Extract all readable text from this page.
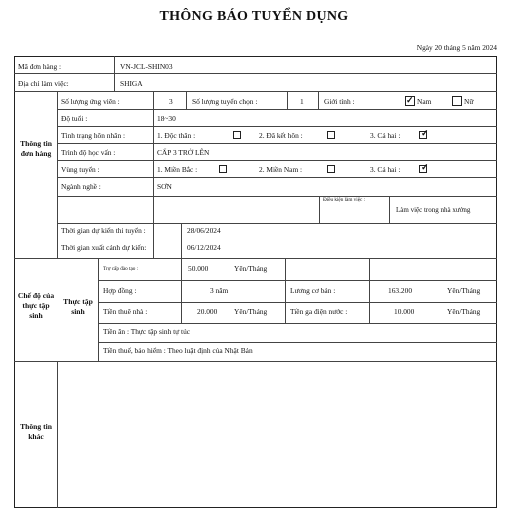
THÔNG BÁO TUYỂN DỤNG
Ngày 20 tháng 5 năm 2024
Mã đơn hàng :	VN-JCL-SHIN03
Địa chỉ làm việc:	SHIGA
Thông tin đơn hàng
Số lượng ứng viên :	3	Số lượng tuyển chọn :	1	Giới tính :	✓ Nam	Nữ
Độ tuổi :	18~30
Tình trạng hôn nhân :	1. Độc thân :	2. Đã kết hôn :	3. Cả hai : ✓
Trình độ học vấn :	CẤP 3 TRỞ LÊN
Vùng tuyển :	1. Miền Bắc :	2. Miền Nam :	3. Cả hai : ✓
Ngành nghề :	SƠN
Điều kiện làm việc :
Làm việc trong nhà xưởng
Thời gian dự kiến thi tuyển :	28/06/2024
Thời gian xuất cảnh dự kiến:	06/12/2024
Chế độ của thực tập sinh
Thực tập sinh
Trợ cấp đào tạo :	50.000	Yên/Tháng
Hợp đồng :	3 năm	Lương cơ bản :	163.200	Yên/Tháng
Tiền thuê nhà :	20.000 Yên/Tháng	Tiền ga điện nước :	10.000	Yên/Tháng
Tiền ăn : Thực tập sinh tự túc
Tiền thuế, bảo hiểm : Theo luật định của Nhật Bản
Thông tin khác
